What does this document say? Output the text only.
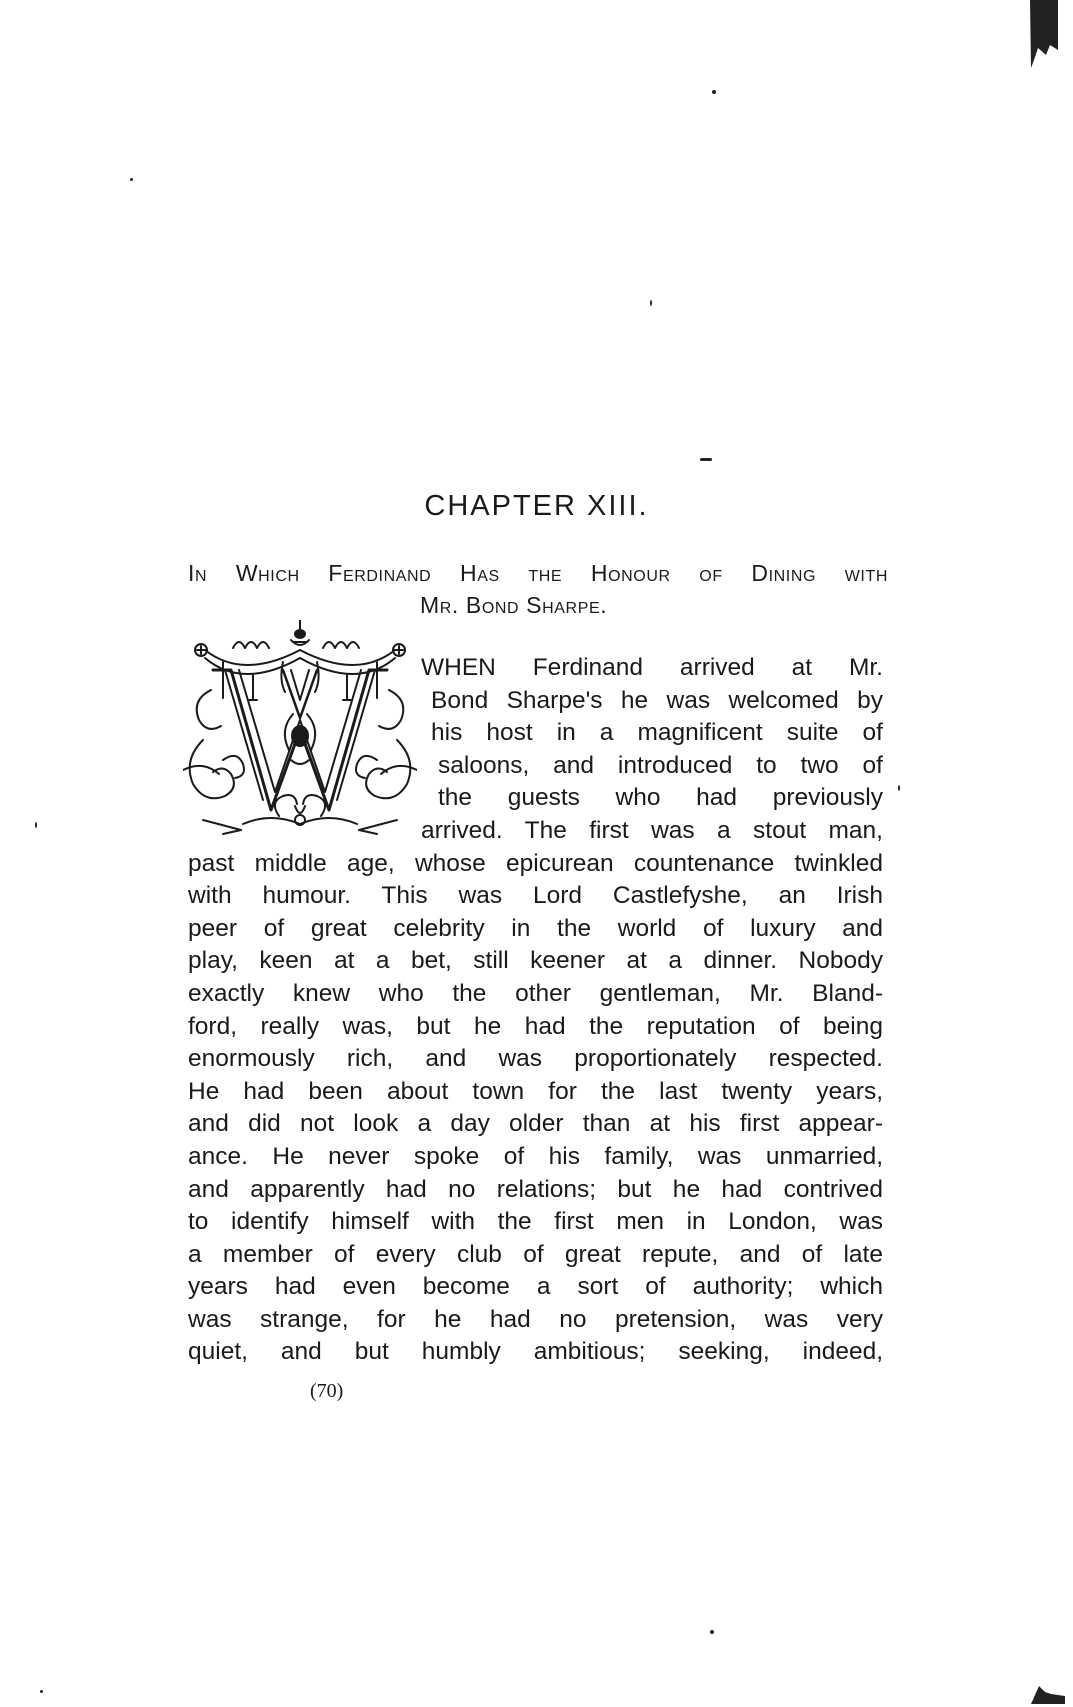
CHAPTER XIII.
In Which Ferdinand Has the Honour of Dining with
Mr. Bond Sharpe.
WHEN Ferdinand arrived at Mr.
Bond Sharpe's he was welcomed by
his host in a magnificent suite of
saloons, and introduced to two of
the guests who had previously
arrived. The first was a stout man,
past middle age, whose epicurean countenance twinkled
with humour. This was Lord Castlefyshe, an Irish
peer of great celebrity in the world of luxury and
play, keen at a bet, still keener at a dinner. Nobody
exactly knew who the other gentleman, Mr. Bland-
ford, really was, but he had the reputation of being
enormously rich, and was proportionately respected.
He had been about town for the last twenty years,
and did not look a day older than at his first appear-
ance. He never spoke of his family, was unmarried,
and apparently had no relations; but he had contrived
to identify himself with the first men in London, was
a member of every club of great repute, and of late
years had even become a sort of authority; which
was strange, for he had no pretension, was very
quiet, and but humbly ambitious; seeking, indeed,
(70)
